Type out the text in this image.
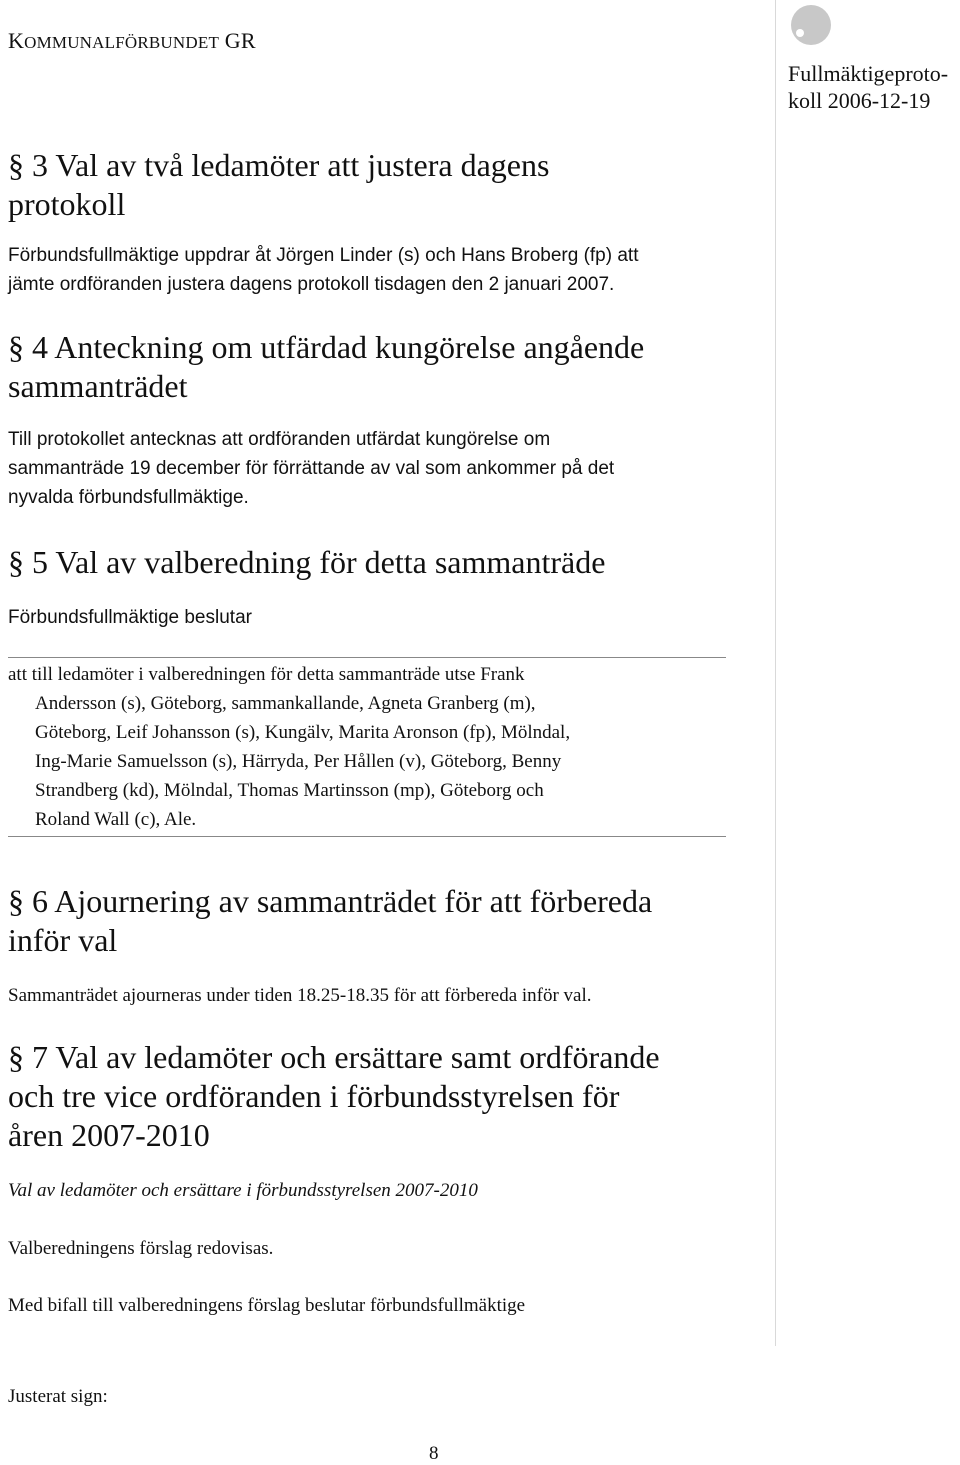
KOMMUNALFÖRBUNDET GR
Fullmäktigeproto-
koll 2006-12-19
§ 3 Val av två ledamöter att justera dagens
protokoll
Förbundsfullmäktige uppdrar åt Jörgen Linder (s) och Hans Broberg (fp) att
jämte ordföranden justera dagens protokoll tisdagen den 2 januari 2007.
§ 4 Anteckning om utfärdad kungörelse angående
sammanträdet
Till protokollet antecknas att ordföranden utfärdat kungörelse om
sammanträde 19 december för förrättande av val som ankommer på det
nyvalda förbundsfullmäktige.
§ 5 Val av valberedning för detta sammanträde
Förbundsfullmäktige beslutar
att till ledamöter i valberedningen för detta sammanträde utse Frank
Andersson (s), Göteborg, sammankallande, Agneta Granberg (m),
Göteborg, Leif Johansson (s), Kungälv, Marita Aronson (fp), Mölndal,
Ing-Marie Samuelsson (s), Härryda, Per Hållen (v), Göteborg, Benny
Strandberg (kd), Mölndal, Thomas Martinsson (mp), Göteborg och
Roland Wall (c), Ale.
§ 6 Ajournering av sammanträdet för att förbereda
inför val
Sammanträdet ajourneras under tiden 18.25-18.35 för att förbereda inför val.
§ 7 Val av ledamöter och ersättare samt ordförande
och tre vice ordföranden i förbundsstyrelsen för
åren 2007-2010
Val av ledamöter och ersättare i förbundsstyrelsen 2007-2010
Valberedningens förslag redovisas.
Med bifall till valberedningens förslag beslutar förbundsfullmäktige
Justerat sign:
8
